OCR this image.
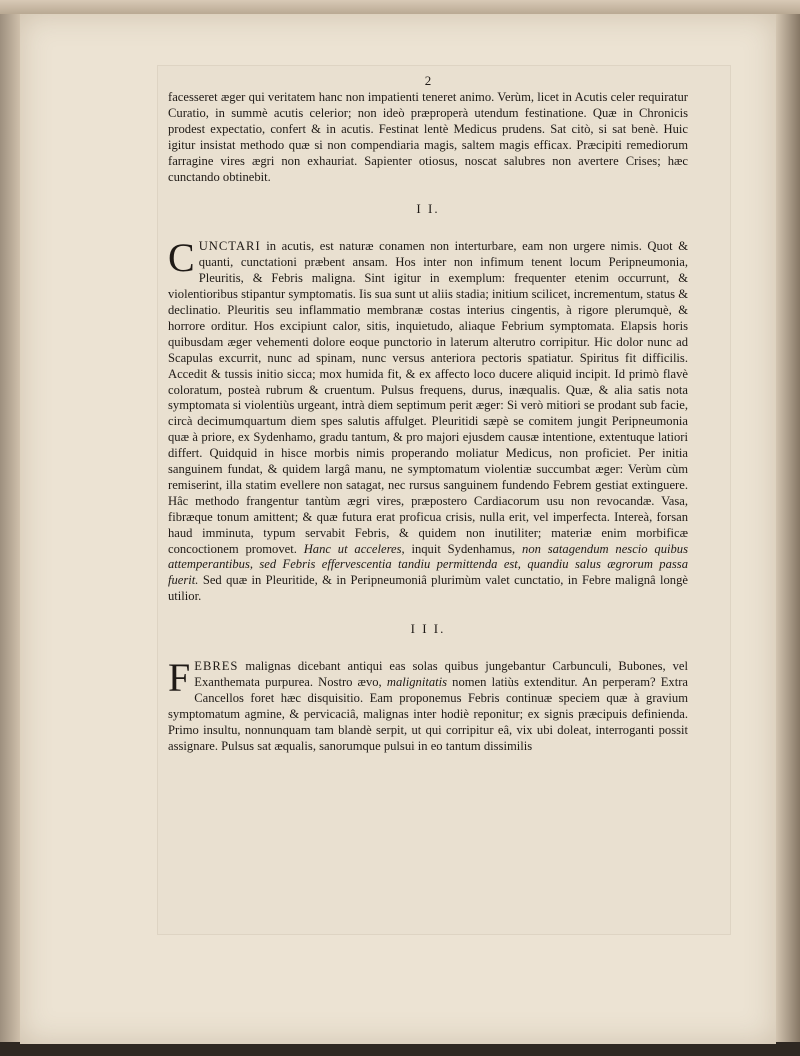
2

facesseret æger qui veritatem hanc non impatienti teneret animo. Verùm, licet in Acutis celer requiratur Curatio, in summè acutis celerior; non ideò præproperà utendum festinatione. Quæ in Chronicis prodest expectatio, confert & in acutis. Festinat lentè Medicus prudens. Sat citò, si sat benè. Huic igitur insistat methodo quæ si non compendiaria magis, saltem magis efficax. Præcipiti remediorum farragine vires ægri non exhauriat. Sapienter otiosus, noscat salubres non avertere Crises; hæc cunctando obtinebit.

I I.

CUNCTARI in acutis, est naturæ conamen non interturbare, eam non urgere nimis. Quot & quanti, cunctationi præbent ansam. Hos inter non infimum tenent locum Peripneumonia, Pleuritis, & Febris maligna. Sint igitur in exemplum: frequenter etenim occurrunt, & violentioribus stipantur symptomatis. Iis sua sunt ut aliis stadia; initium scilicet, incrementum, status & declinatio. Pleuritis seu inflammatio membranæ costas interius cingentis, à rigore plerumquè, & horrore orditur. Hos excipiunt calor, sitis, inquietudo, aliaque Febrium symptomata. Elapsis horis quibusdam æger vehementi dolore eoque punctorio in laterum alterutro corripitur. Hic dolor nunc ad Scapulas excurrit, nunc ad spinam, nunc versus anteriora pectoris spatiatur. Spiritus fit difficilis. Accedit & tussis initio sicca; mox humida fit, & ex affecto loco ducere aliquid incipit. Id primò flavè coloratum, posteà rubrum & cruentum. Pulsus frequens, durus, inæqualis. Quæ, & alia satis nota symptomata si violentiùs urgeant, intrà diem septimum perit æger: Si verò mitiori se prodant sub facie, circà decimumquartum diem spes salutis affulget. Pleuritidi sæpè se comitem jungit Peripneumonia quæ à priore, ex Sydenhamo, gradu tantum, & pro majori ejusdem causæ intentione, extentuque latiori differt. Quidquid in hisce morbis nimis properando moliatur Medicus, non proficiet. Per initia sanguinem fundat, & quidem largâ manu, ne symptomatum violentiæ succumbat æger: Verùm cùm remiserint, illa statim evellere non satagat, nec rursus sanguinem fundendo Febrem gestiat extinguere. Hâc methodo frangentur tantùm ægri vires, præpostero Cardiacorum usu non revocandæ. Vasa, fibræque tonum amittent; & quæ futura erat proficua crisis, nulla erit, vel imperfecta. Intereà, forsan haud imminuta, typum servabit Febris, & quidem non inutiliter; materiæ enim morbificæ concoctionem promovet. Hanc ut acceleres, inquit Sydenhamus, non satagendum nescio quibus attemperantibus, sed Febris effervescentia tandiu permittenda est, quandiu salus ægrorum passa fuerit. Sed quæ in Pleuritide, & in Peripneumoniâ plurimùm valet cunctatio, in Febre malignâ longè utilior.

I I I.

FEBRES malignas dicebant antiqui eas solas quibus jungebantur Carbunculi, Bubones, vel Exanthemata purpurea. Nostro ævo, malignitatis nomen latiùs extenditur. An perperam? Extra Cancellos foret hæc disquisitio. Eam proponemus Febris continuæ speciem quæ à gravium symptomatum agmine, & pervicaciâ, malignas inter hodiè reponitur; ex signis præcipuis definienda. Primo insultu, nonnunquam tam blandè serpit, ut qui corripitur eâ, vix ubi doleat, interroganti possit assignare. Pulsus sat æqualis, sanorumque pulsui in eo tantum dissimilis
